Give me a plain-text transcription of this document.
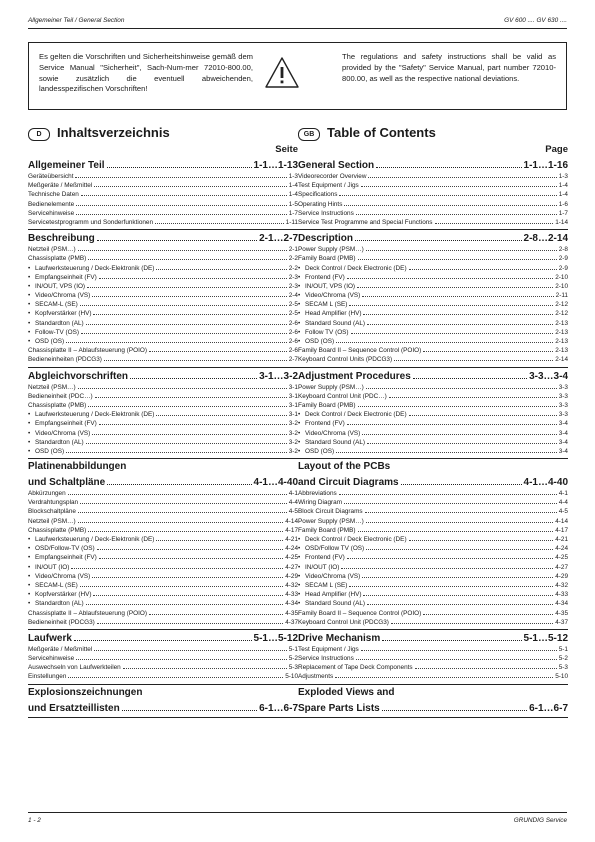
Allgemeiner Teil / General Section	GV 600 .... GV 630 ....
Es gelten die Vorschriften und Sicherheitshinweise gemäß dem Service Manual "Sicherheit", Sach-Num-mer 72010-800.00, sowie zusätzlich die eventuell abweichenden, landesspezifischen Vorschriften!
The regulations and safety instructions shall be valid as provided by the "Safety" Service Manual, part number 72010-800.00, as well as the respective national deviations.
D	Inhaltsverzeichnis
Seite
Allgemeiner Teil	1-1…1-13
Geräteübersicht	1-3
Meßgeräte / Meßmittel	1-4
Technische Daten	1-4
Bedienelemente	1-5
Servicehinweise	1-7
Servicetestprogramm und Sonderfunktionen	1-11
Beschreibung	2-1…2-7
Netzteil (PSM…)	2-1
Chassisplatte (PMB)	2-2
• Laufwerksteuerung / Deck-Elektronik (DE)	2-2
• Empfangseinheit (FV)	2-3
• IN/OUT, VPS (IO)	2-3
• Video/Chroma (VS)	2-4
• SECAM-L (SE)	2-5
• Kopfverstärker (HV)	2-5
• Standardton (AL)	2-6
• Follow-TV (OS)	2-6
• OSD (OS)	2-6
Chassisplatte II – Ablaufsteuerung (POIO)	2-6
Bedieneinheiten (PDCG3)	2-7
Abgleichvorschriften	3-1…3-2
Netzteil (PSM…)	3-1
Bedieneinheit (PDC…)	3-1
Chassisplatte (PMB)	3-1
• Laufwerksteuerung / Deck-Elektronik (DE)	3-1
• Empfangseinheit (FV)	3-2
• Video/Chroma (VS)	3-2
• Standardton (AL)	3-2
• OSD (OS)	3-2
Platinenabbildungen
und Schaltpläne	4-1…4-40
Abkürzungen	4-1
Verdrahtungsplan	4-4
Blockschaltpläne	4-5
Netzteil (PSM…)	4-14
Chassisplatte (PMB)	4-17
• Laufwerksteuerung / Deck-Elektronik (DE)	4-21
• OSD/Follow-TV (OS)	4-24
• Empfangseinheit (FV)	4-25
• IN/OUT (IO)	4-27
• Video/Chroma (VS)	4-29
• SECAM-L (SE)	4-32
• Kopfverstärker (HV)	4-33
• Standardton (AL)	4-34
Chassisplatte II – Ablaufsteuerung (POIO)	4-35
Bedieneinheit (PDCG3)	4-37
Laufwerk	5-1…5-12
Meßgeräte / Meßmittel	5-1
Servicehinweise	5-2
Auswechseln von Laufwerkteilen	5-3
Einstellungen	5-10
Explosionszeichnungen
und Ersatzteillisten	6-1…6-7
GB Table of Contents
Page
General Section	1-1…1-16
Videorecorder Overview	1-3
Test Equipment / Jigs	1-4
Specifications	1-4
Operating Hints	1-6
Service Instructions	1-7
Service Test Programme and Special Functions	1-14
Description	2-8…2-14
Power Supply (PSM…)	2-8
Family Board (PMB)	2-9
• Deck Control / Deck Electronic (DE)	2-9
• Frontend (FV)	2-10
• IN/OUT, VPS (IO)	2-10
• Video/Chroma (VS)	2-11
• SECAM L (SE)	2-12
• Head Amplifier (HV)	2-12
• Standard Sound (AL)	2-13
• Follow TV (OS)	2-13
• OSD (OS)	2-13
Family Board II – Sequence Control (POIO)	2-13
Keyboard Control Units (PDCG3)	2-14
Adjustment Procedures	3-3…3-4
Power Supply (PSM…)	3-3
Keyboard Control Unit (PDC…)	3-3
Family Board (PMB)	3-3
• Deck Control / Deck Electronic (DE)	3-3
• Frontend (FV)	3-4
• Video/Chroma (VS)	3-4
• Standard Sound (AL)	3-4
• OSD (OS)	3-4
Layout of the PCBs
and Circuit Diagrams	4-1…4-40
Abbreviations	4-1
Wiring Diagram	4-4
Block Circuit Diagrams	4-5
Power Supply (PSM…)	4-14
Family Board (PMB)	4-17
• Deck Control / Deck Electronic (DE)	4-21
• OSD/Follow TV (OS)	4-24
• Frontend (FV)	4-25
• IN/OUT (IO)	4-27
• Video/Chroma (VS)	4-29
• SECAM L (SE)	4-32
• Head Amplifier (HV)	4-33
• Standard Sound (AL)	4-34
Family Board II – Sequence Control (POIO)	4-35
Keyboard Control Unit (PDCG3)	4-37
Drive Mechanism	5-1…5-12
Test Equipment / Jigs	5-1
Service Instructions	5-2
Replacement of Tape Deck Components	5-3
Adjustments	5-10
Exploded Views and
Spare Parts Lists	6-1…6-7
1 - 2	GRUNDIG Service
